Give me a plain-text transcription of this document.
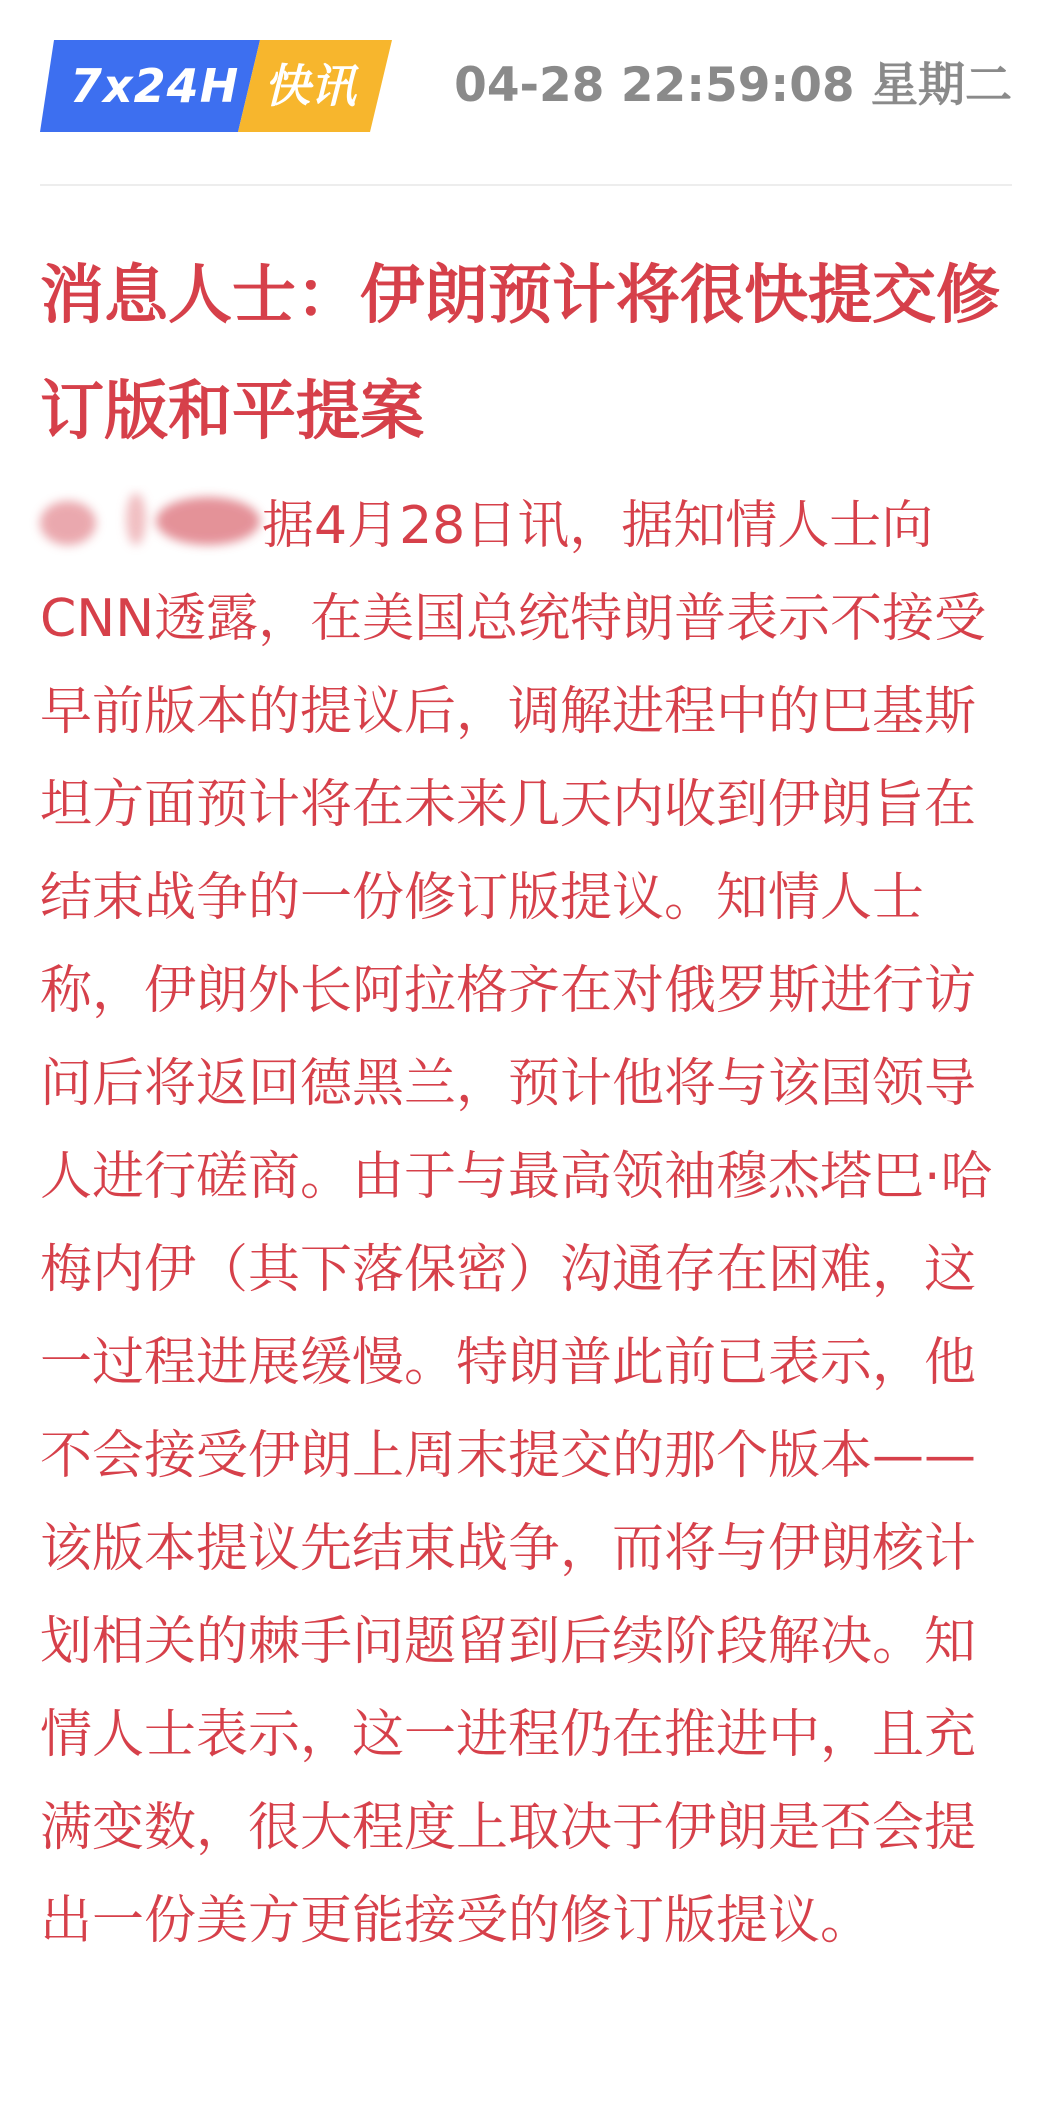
7x24H 快讯 04-28 22:59:08 星期二
消息人士：伊朗预计将很快提交修订版和平提案

据4月28日讯，据知情人士向CNN透露，在美国总统特朗普表示不接受早前版本的提议后，调解进程中的巴基斯坦方面预计将在未来几天内收到伊朗旨在结束战争的一份修订版提议。知情人士称，伊朗外长阿拉格齐在对俄罗斯进行访问后将返回德黑兰，预计他将与该国领导人进行磋商。由于与最高领袖穆杰塔巴·哈梅内伊（其下落保密）沟通存在困难，这一过程进展缓慢。特朗普此前已表示，他不会接受伊朗上周末提交的那个版本——该版本提议先结束战争，而将与伊朗核计划相关的棘手问题留到后续阶段解决。知情人士表示，这一进程仍在推进中，且充满变数，很大程度上取决于伊朗是否会提出一份美方更能接受的修订版提议。
